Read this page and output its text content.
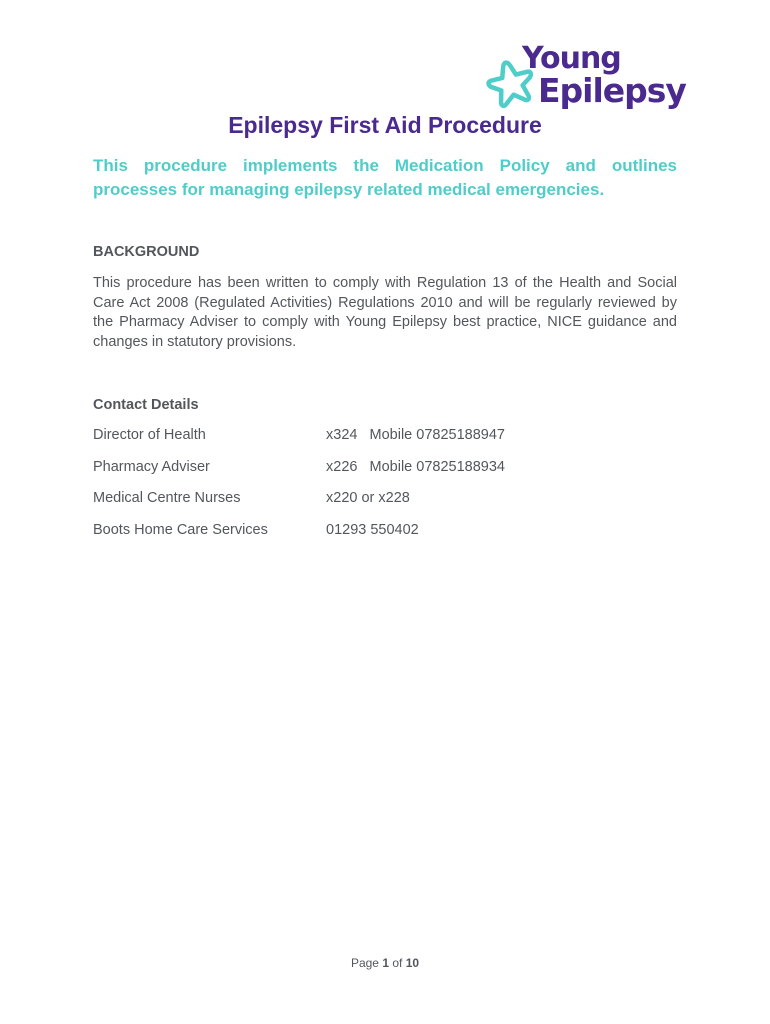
Young
Epilepsy
Epilepsy First Aid Procedure

This procedure implements the Medication Policy and outlines processes for managing epilepsy related medical emergencies.

BACKGROUND

This procedure has been written to comply with Regulation 13 of the Health and Social Care Act 2008 (Regulated Activities) Regulations 2010 and will be regularly reviewed by the Pharmacy Adviser to comply with Young Epilepsy best practice, NICE guidance and changes in statutory provisions.

Contact Details
Director of Health	x324   Mobile 07825188947
Pharmacy Adviser	x226   Mobile 07825188934
Medical Centre Nurses	x220 or x228
Boots Home Care Services	01293 550402
Page 1 of 10
